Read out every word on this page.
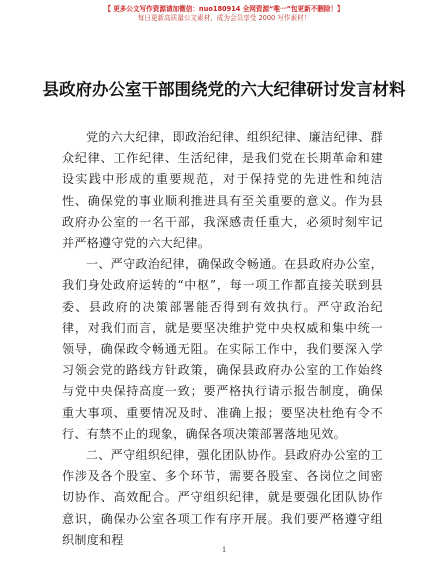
【 更多公文写作资源请加微信：nuo180914 全网资源“唯一”包更新不删除！】
每日更新高质量公文素材，成为会员享受 2000 写作素材！
县政府办公室干部围绕党的六大纪律研讨发言材料

党的六大纪律，即政治纪律、组织纪律、廉洁纪律、群众纪律、工作纪律、生活纪律，是我们党在长期革命和建设实践中形成的重要规范，对于保持党的先进性和纯洁性、确保党的事业顺利推进具有至关重要的意义。作为县政府办公室的一名干部，我深感责任重大，必须时刻牢记并严格遵守党的六大纪律。

一、严守政治纪律，确保政令畅通。在县政府办公室，我们身处政府运转的“中枢”，每一项工作都直接关联到县委、县政府的决策部署能否得到有效执行。严守政治纪律，对我们而言，就是要坚决维护党中央权威和集中统一领导，确保政令畅通无阻。在实际工作中，我们要深入学习领会党的路线方针政策，确保县政府办公室的工作始终与党中央保持高度一致；要严格执行请示报告制度，确保重大事项、重要情况及时、准确上报；要坚决杜绝有令不行、有禁不止的现象，确保各项决策部署落地见效。

二、严守组织纪律，强化团队协作。县政府办公室的工作涉及各个股室、多个环节，需要各股室、各岗位之间密切协作、高效配合。严守组织纪律，就是要强化团队协作意识，确保办公室各项工作有序开展。我们要严格遵守组织制度和程

1
